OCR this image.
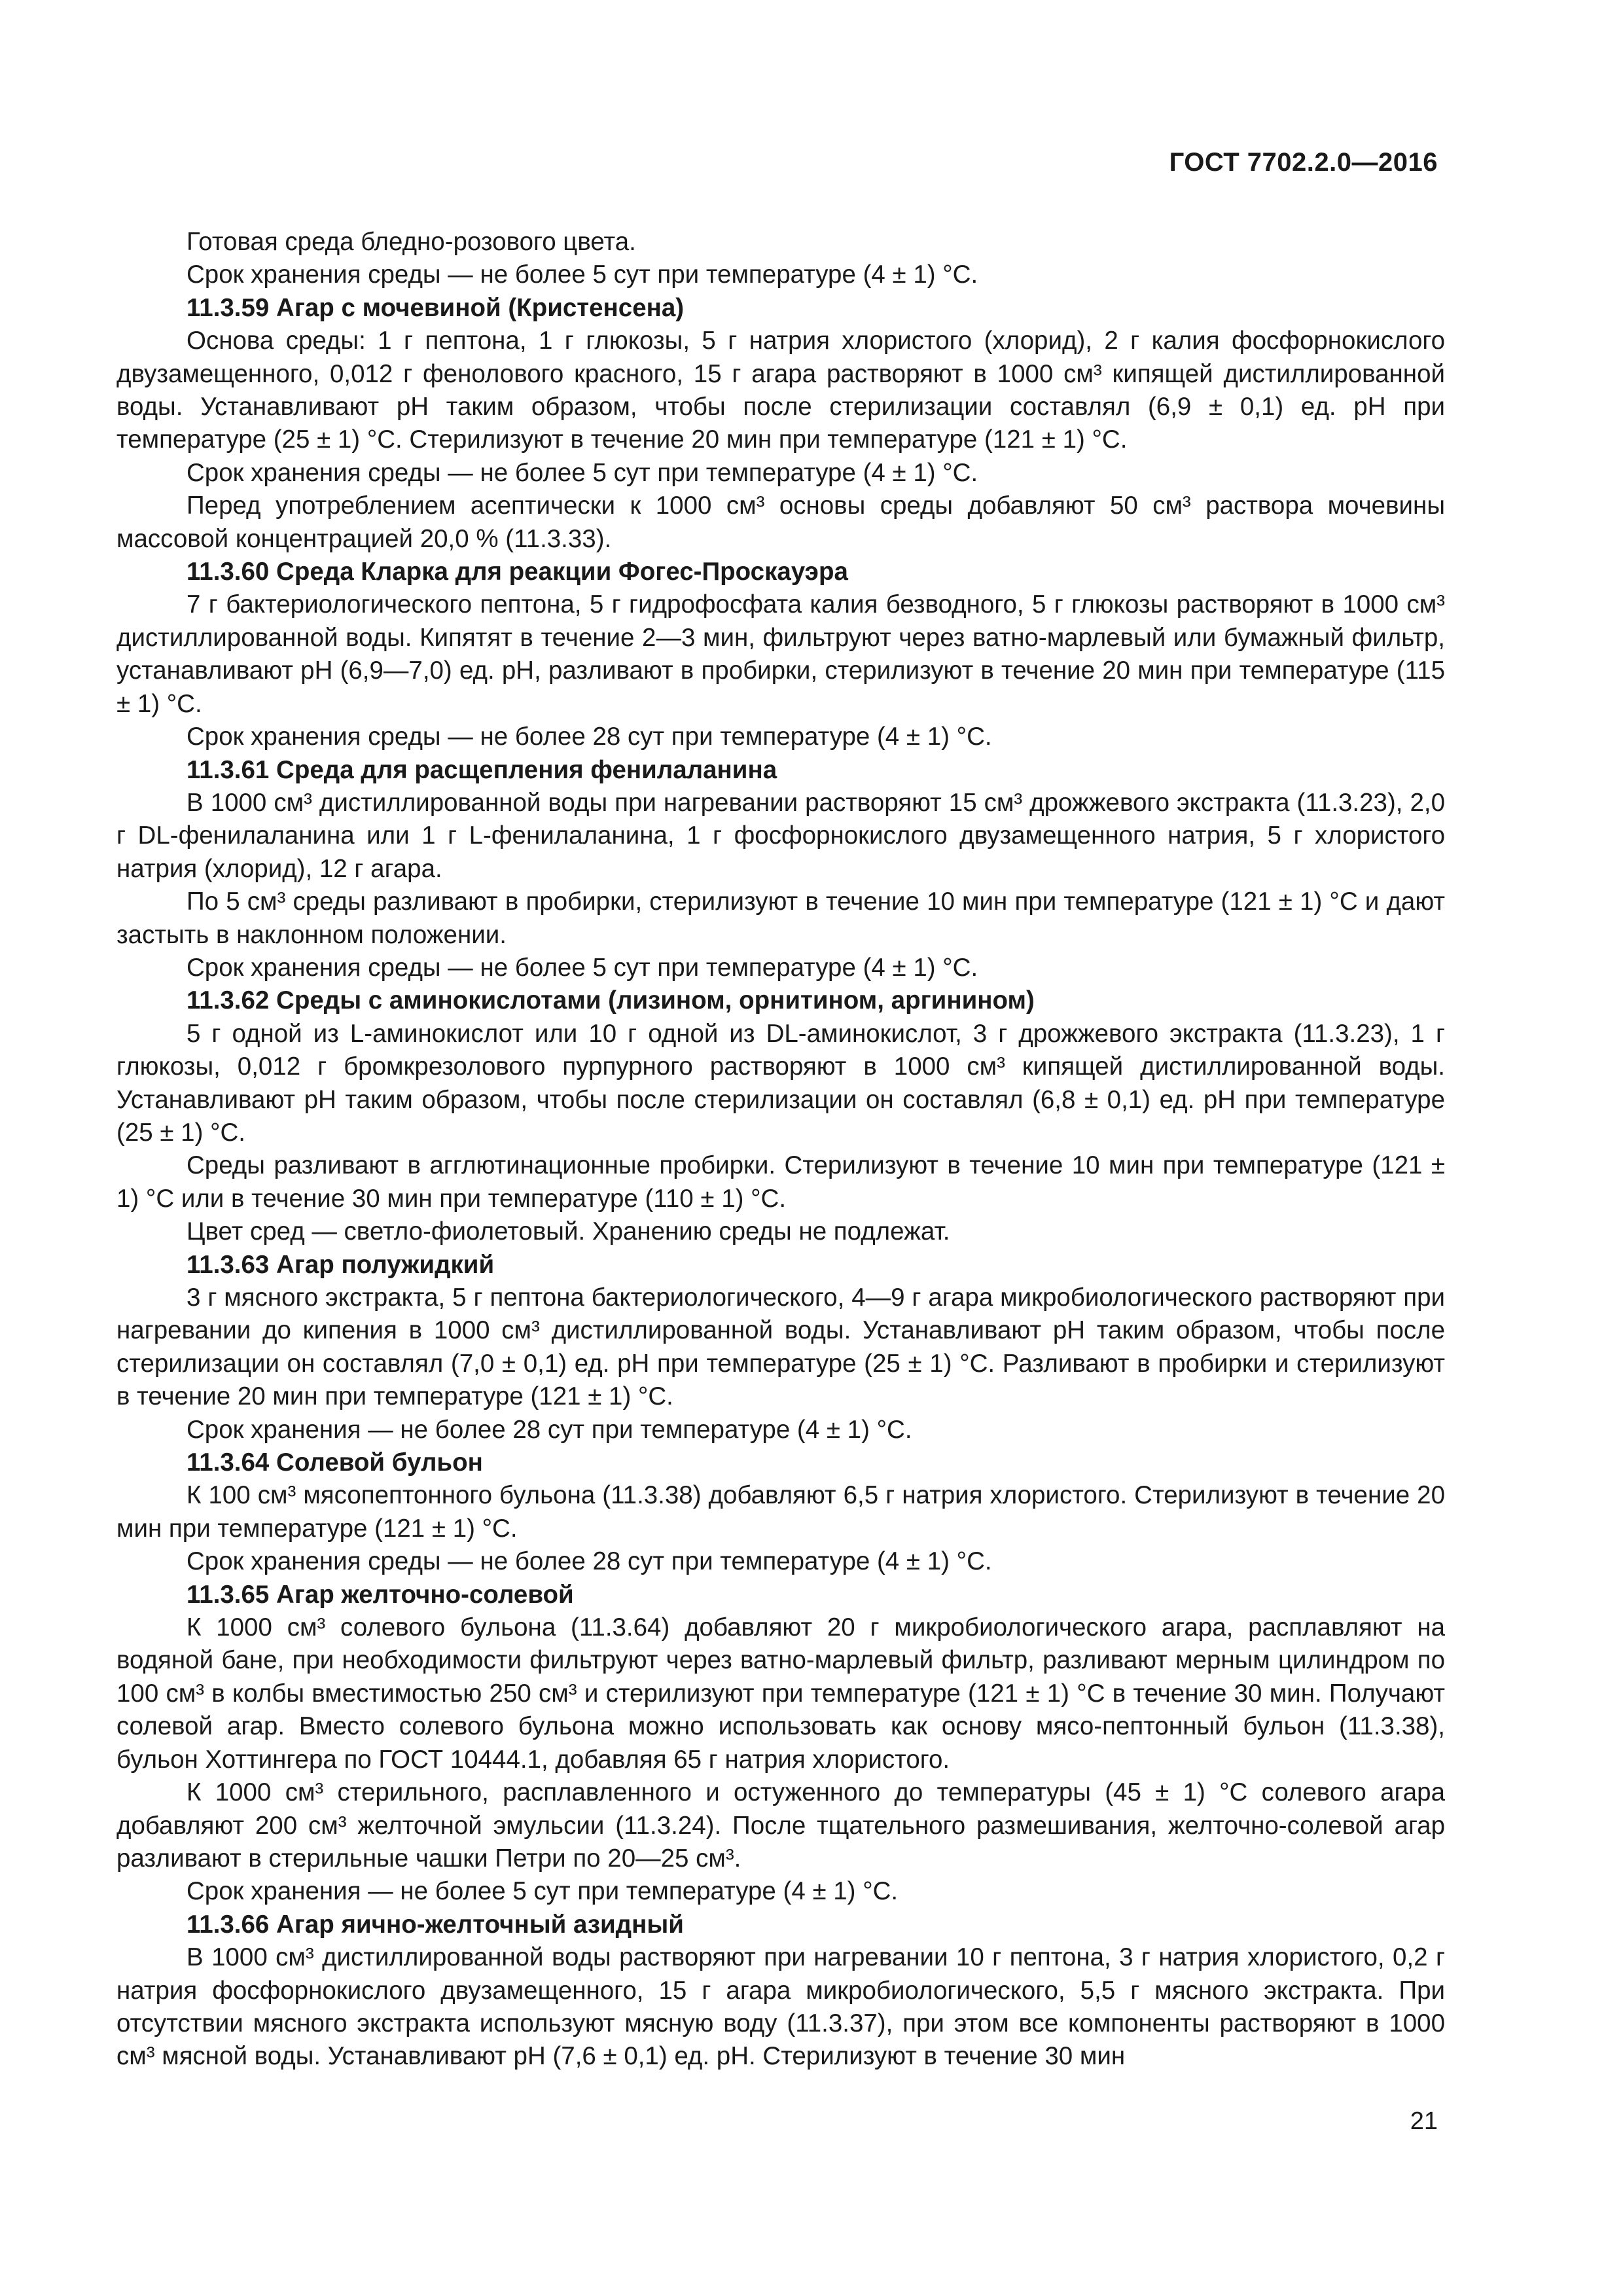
ГОСТ 7702.2.0—2016

Готовая среда бледно-розового цвета.

Срок хранения среды — не более 5 сут при температуре (4 ± 1) °С.

11.3.59 Агар с мочевиной (Кристенсена)

Основа среды: 1 г пептона, 1 г глюкозы, 5 г натрия хлористого (хлорид), 2 г калия фосфорнокислого двузамещенного, 0,012 г фенолового красного, 15 г агара растворяют в 1000 см³ кипящей дистиллированной воды. Устанавливают pH таким образом, чтобы после стерилизации составлял (6,9 ± 0,1) ед. pH при температуре (25 ± 1) °С. Стерилизуют в течение 20 мин при температуре (121 ± 1) °С.

Срок хранения среды — не более 5 сут при температуре (4 ± 1) °С.

Перед употреблением асептически к 1000 см³ основы среды добавляют 50 см³ раствора мочевины массовой концентрацией 20,0 % (11.3.33).

11.3.60 Среда Кларка для реакции Фогес-Проскауэра

7 г бактериологического пептона, 5 г гидрофосфата калия безводного, 5 г глюкозы растворяют в 1000 см³ дистиллированной воды. Кипятят в течение 2—3 мин, фильтруют через ватно-марлевый или бумажный фильтр, устанавливают pH (6,9—7,0) ед. pH, разливают в пробирки, стерилизуют в течение 20 мин при температуре (115 ± 1) °С.

Срок хранения среды — не более 28 сут при температуре (4 ± 1) °С.

11.3.61 Среда для расщепления фенилаланина

В 1000 см³ дистиллированной воды при нагревании растворяют 15 см³ дрожжевого экстракта (11.3.23), 2,0 г DL-фенилаланина или 1 г L-фенилаланина, 1 г фосфорнокислого двузамещенного натрия, 5 г хлористого натрия (хлорид), 12 г агара.

По 5 см³ среды разливают в пробирки, стерилизуют в течение 10 мин при температуре (121 ± 1) °С и дают застыть в наклонном положении.

Срок хранения среды — не более 5 сут при температуре (4 ± 1) °С.

11.3.62 Среды с аминокислотами (лизином, орнитином, аргинином)

5 г одной из L-аминокислот или 10 г одной из DL-аминокислот, 3 г дрожжевого экстракта (11.3.23), 1 г глюкозы, 0,012 г бромкрезолового пурпурного растворяют в 1000 см³ кипящей дистиллированной воды. Устанавливают pH таким образом, чтобы после стерилизации он составлял (6,8 ± 0,1) ед. pH при температуре (25 ± 1) °С.

Среды разливают в агглютинационные пробирки. Стерилизуют в течение 10 мин при температуре (121 ± 1) °С или в течение 30 мин при температуре (110 ± 1) °С.

Цвет сред — светло-фиолетовый. Хранению среды не подлежат.

11.3.63 Агар полужидкий

3 г мясного экстракта, 5 г пептона бактериологического, 4—9 г агара микробиологического растворяют при нагревании до кипения в 1000 см³ дистиллированной воды. Устанавливают pH таким образом, чтобы после стерилизации он составлял (7,0 ± 0,1) ед. pH при температуре (25 ± 1) °С. Разливают в пробирки и стерилизуют в течение 20 мин при температуре (121 ± 1) °С.

Срок хранения — не более 28 сут при температуре (4 ± 1) °С.

11.3.64 Солевой бульон

К 100 см³ мясопептонного бульона (11.3.38) добавляют 6,5 г натрия хлористого. Стерилизуют в течение 20 мин при температуре (121 ± 1) °С.

Срок хранения среды — не более 28 сут при температуре (4 ± 1) °С.

11.3.65 Агар желточно-солевой

К 1000 см³ солевого бульона (11.3.64) добавляют 20 г микробиологического агара, расплавляют на водяной бане, при необходимости фильтруют через ватно-марлевый фильтр, разливают мерным цилиндром по 100 см³ в колбы вместимостью 250 см³ и стерилизуют при температуре (121 ± 1) °С в течение 30 мин. Получают солевой агар. Вместо солевого бульона можно использовать как основу мясо-пептонный бульон (11.3.38), бульон Хоттингера по ГОСТ 10444.1, добавляя 65 г натрия хлористого.

К 1000 см³ стерильного, расплавленного и остуженного до температуры (45 ± 1) °С солевого агара добавляют 200 см³ желточной эмульсии (11.3.24). После тщательного размешивания, желточно-солевой агар разливают в стерильные чашки Петри по 20—25 см³.

Срок хранения — не более 5 сут при температуре (4 ± 1) °С.

11.3.66 Агар яично-желточный азидный

В 1000 см³ дистиллированной воды растворяют при нагревании 10 г пептона, 3 г натрия хлористого, 0,2 г натрия фосфорнокислого двузамещенного, 15 г агара микробиологического, 5,5 г мясного экстракта. При отсутствии мясного экстракта используют мясную воду (11.3.37), при этом все компоненты растворяют в 1000 см³ мясной воды. Устанавливают pH (7,6 ± 0,1) ед. pH. Стерилизуют в течение 30 мин

21
